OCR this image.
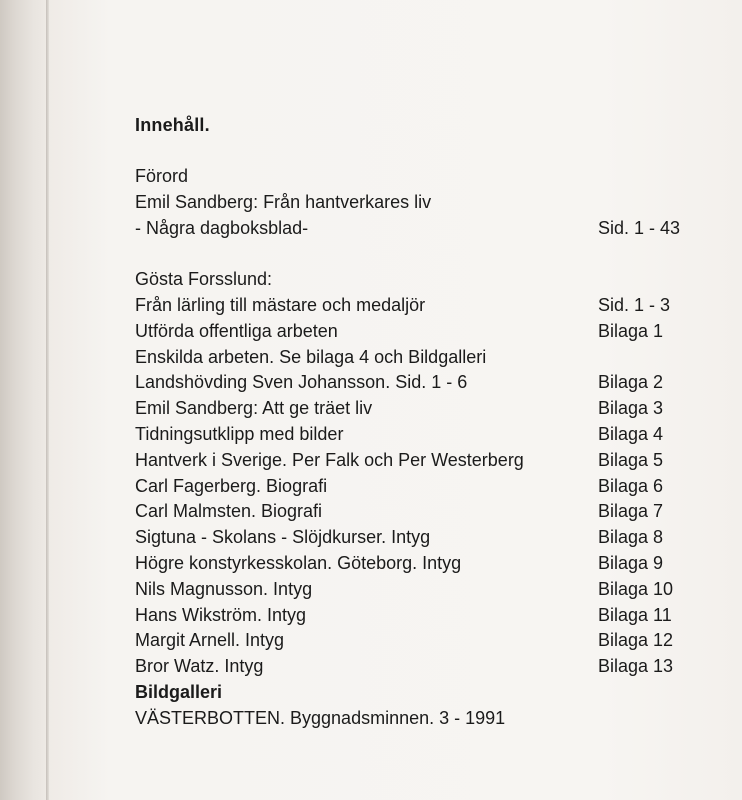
Innehåll.
Förord
Emil Sandberg: Från hantverkares liv
- Några dagboksblad-	Sid. 1 - 43
Gösta Forsslund:
Från lärling till mästare och medaljör	Sid. 1 - 3
Utförda offentliga arbeten	Bilaga 1
Enskilda arbeten. Se bilaga 4 och Bildgalleri
Landshövding Sven Johansson. Sid. 1 - 6	Bilaga 2
Emil Sandberg: Att ge träet liv	Bilaga 3
Tidningsutklipp med bilder	Bilaga 4
Hantverk i Sverige. Per Falk och Per Westerberg	Bilaga 5
Carl Fagerberg. Biografi	Bilaga 6
Carl Malmsten. Biografi	Bilaga 7
Sigtuna - Skolans - Slöjdkurser. Intyg	Bilaga 8
Högre konstyrkesskolan. Göteborg. Intyg	Bilaga 9
Nils Magnusson. Intyg	Bilaga 10
Hans Wikström. Intyg	Bilaga 11
Margit Arnell. Intyg	Bilaga 12
Bror Watz. Intyg	Bilaga 13
Bildgalleri
VÄSTERBOTTEN. Byggnadsminnen. 3 - 1991
